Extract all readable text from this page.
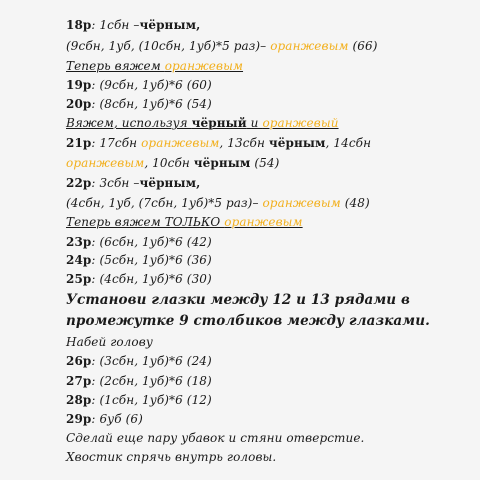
18р: 1сбн –чёрным,
(9сбн, 1уб, (10сбн, 1уб)*5 раз)– оранжевым (66)
Теперь вяжем оранжевым
19р: (9сбн, 1уб)*6 (60)
20р: (8сбн, 1уб)*6 (54)
Вяжем, используя чёрный и оранжевый
21р: 17сбн оранжевым, 13сбн чёрным, 14сбн
оранжевым, 10сбн чёрным (54)
22р: 3сбн –чёрным,
(4сбн, 1уб, (7сбн, 1уб)*5 раз)– оранжевым (48)
Теперь вяжем ТОЛЬКО оранжевым
23р: (6сбн, 1уб)*6 (42)
24р: (5сбн, 1уб)*6 (36)
25р: (4сбн, 1уб)*6 (30)
Установи глазки между 12 и 13 рядами в
промежутке 9 столбиков между глазками.
Набей голову
26р: (3сбн, 1уб)*6 (24)
27р: (2сбн, 1уб)*6 (18)
28р: (1сбн, 1уб)*6 (12)
29р: 6уб (6)
Сделай еще пару убавок и стяни отверстие.
Хвостик спрячь внутрь головы.
